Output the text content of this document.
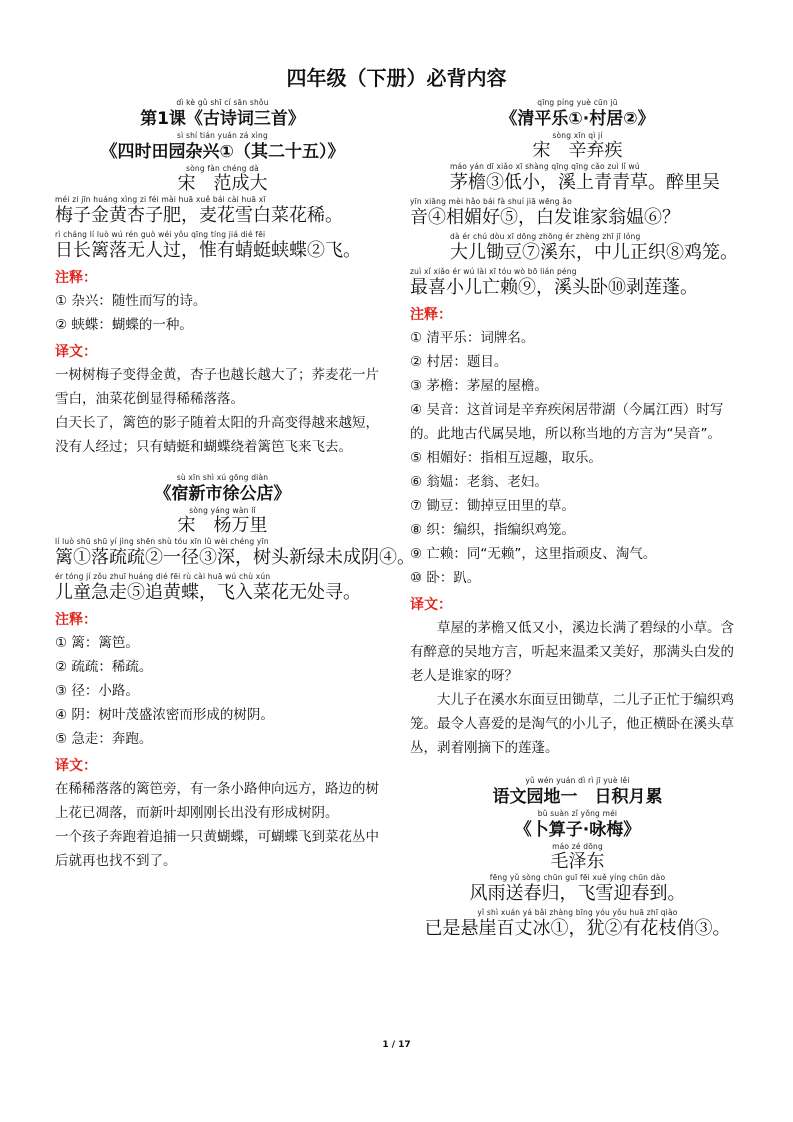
四年级（下册）必背内容
dì kè gǔ shī cí sān shǒu
第1课《古诗词三首》
sì shí tián yuán zá xìng
《四时田园杂兴①（其二十五）》
sòng fàn chéng dà
宋　范成大
méi zi jīn huáng xìng zi féi mài huā xuě bái cài huā xī
梅子金黄杏子肥，麦花雪白菜花稀。
rì cháng lí luò wú rén guò wéi yǒu qīng tíng jiá dié fēi
日长篱落无人过，惟有蜻蜓蛱蝶②飞。
注释：
① 杂兴：随性而写的诗。
② 蛱蝶：蝴蝶的一种。
译文：
一树树梅子变得金黄，杏子也越长越大了；荞麦花一片雪白，油菜花倒显得稀稀落落。
白天长了，篱笆的影子随着太阳的升高变得越来越短，没有人经过；只有蜻蜓和蝴蝶绕着篱笆飞来飞去。
sù xīn shì xú gōng diàn
《宿新市徐公店》
sòng yáng wàn lǐ
宋　杨万里
lí luò shū shū yí jìng shēn shù tóu xīn lǜ wèi chéng yīn
篱①落疏疏②一径③深，树头新绿未成阴④。
ér tóng jí zǒu zhuī huáng dié fēi rù cài huā wú chù xún
儿童急走⑤追黄蝶，飞入菜花无处寻。
注释：
① 篱：篱笆。
② 疏疏：稀疏。
③ 径：小路。
④ 阴：树叶茂盛浓密而形成的树阴。
⑤ 急走：奔跑。
译文：
在稀稀落落的篱笆旁，有一条小路伸向远方，路边的树上花已凋落，而新叶却刚刚长出没有形成树阴。
一个孩子奔跑着追捕一只黄蝴蝶，可蝴蝶飞到菜花丛中后就再也找不到了。
qīng píng yuè cūn jū
《清平乐①·村居②》
sòng xīn qì jí
宋　辛弃疾
máo yán dī xiǎo xī shàng qīng qīng cǎo zuì lǐ wú
茅檐③低小，溪上青青草。醉里吴
yīn xiāng mèi hǎo bái fà shuí jiā wēng ǎo
音④相媚好⑤，白发谁家翁媪⑥？
dà ér chú dòu xī dōng zhōng ér zhèng zhī jī lóng
大儿锄豆⑦溪东，中儿正织⑧鸡笼。
zuì xǐ xiǎo ér wú lài xī tóu wò bō lián péng
最喜小儿亡赖⑨，溪头卧⑩剥莲蓬。
注释：
① 清平乐：词牌名。
② 村居：题目。
③ 茅檐：茅屋的屋檐。
④ 吴音：这首词是辛弃疾闲居带湖（今属江西）时写的。此地古代属吴地，所以称当地的方言为“吴音”。
⑤ 相媚好：指相互逗趣，取乐。
⑥ 翁媪：老翁、老妇。
⑦ 锄豆：锄掉豆田里的草。
⑧ 织：编织，指编织鸡笼。
⑨ 亡赖：同“无赖”，这里指顽皮、淘气。
⑩ 卧：趴。
译文：
草屋的茅檐又低又小，溪边长满了碧绿的小草。含有醉意的吴地方言，听起来温柔又美好，那满头白发的老人是谁家的呀？
大儿子在溪水东面豆田锄草，二儿子正忙于编织鸡笼。最令人喜爱的是淘气的小儿子，他正横卧在溪头草丛，剥着刚摘下的莲蓬。
yǔ wén yuán dì rì jī yuè lěi
语文园地一　日积月累
bǔ suàn zǐ yǒng méi
《卜算子·咏梅》
máo zé dōng
毛泽东
fēng yǔ sòng chūn guī fēi xuě yíng chūn dào
风雨送春归，飞雪迎春到。
yǐ shì xuán yá bǎi zhàng bīng yóu yǒu huā zhī qiào
已是悬崖百丈冰①，犹②有花枝俏③。
1 / 17
